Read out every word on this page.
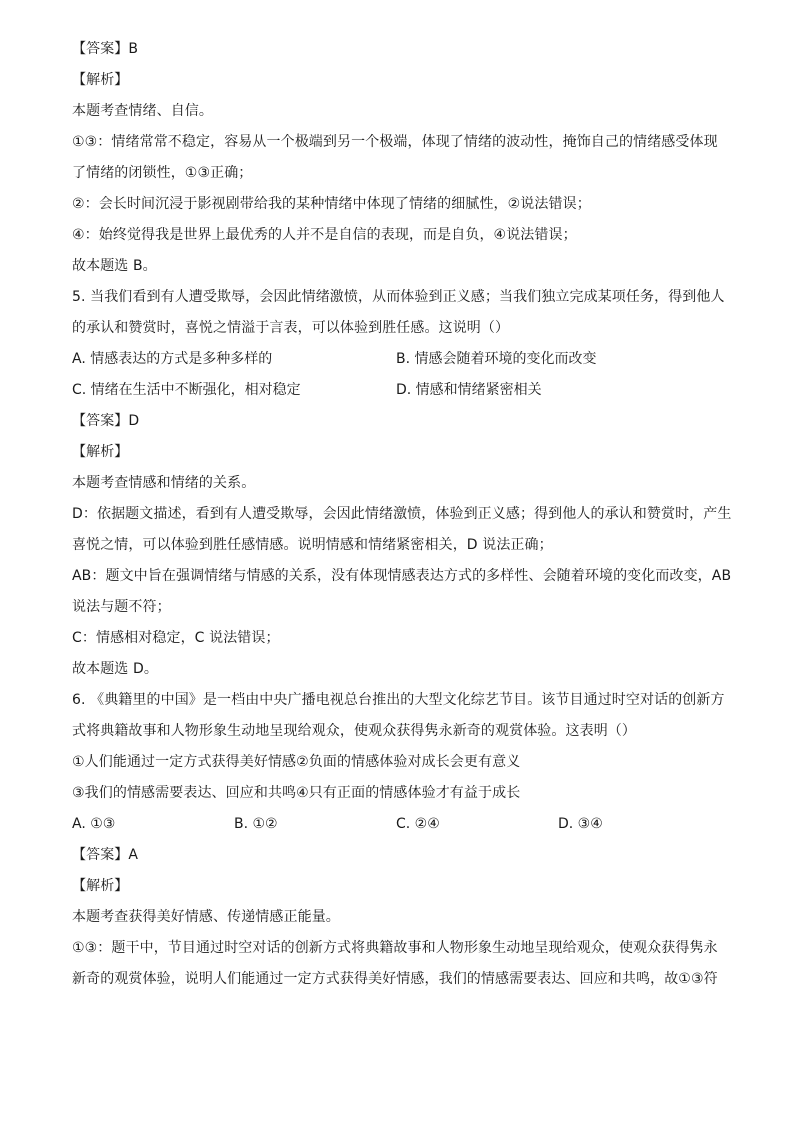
【答案】B
【解析】
本题考查情绪、自信。
①③：情绪常常不稳定，容易从一个极端到另一个极端，体现了情绪的波动性，掩饰自己的情绪感受体现
了情绪的闭锁性，①③正确；
②：会长时间沉浸于影视剧带给我的某种情绪中体现了情绪的细腻性，②说法错误；
④：始终觉得我是世界上最优秀的人并不是自信的表现，而是自负，④说法错误；
故本题选 B。
5. 当我们看到有人遭受欺辱，会因此情绪激愤，从而体验到正义感；当我们独立完成某项任务，得到他人
的承认和赞赏时，喜悦之情溢于言表，可以体验到胜任感。这说明（）
A. 情感表达的方式是多种多样的	B. 情感会随着环境的变化而改变
C. 情绪在生活中不断强化，相对稳定	D. 情感和情绪紧密相关
【答案】D
【解析】
本题考查情感和情绪的关系。
D：依据题文描述，看到有人遭受欺辱，会因此情绪激愤，体验到正义感；得到他人的承认和赞赏时，产生
喜悦之情，可以体验到胜任感情感。说明情感和情绪紧密相关，D 说法正确；
AB：题文中旨在强调情绪与情感的关系，没有体现情感表达方式的多样性、会随着环境的变化而改变，AB
说法与题不符；
C：情感相对稳定，C 说法错误；
故本题选 D。
6. 《典籍里的中国》是一档由中央广播电视总台推出的大型文化综艺节目。该节目通过时空对话的创新方
式将典籍故事和人物形象生动地呈现给观众，使观众获得隽永新奇的观赏体验。这表明（）
①人们能通过一定方式获得美好情感②负面的情感体验对成长会更有意义
③我们的情感需要表达、回应和共鸣④只有正面的情感体验才有益于成长
A. ①③	B. ①②	C. ②④	D. ③④
【答案】A
【解析】
本题考查获得美好情感、传递情感正能量。
①③：题干中，节目通过时空对话的创新方式将典籍故事和人物形象生动地呈现给观众，使观众获得隽永
新奇的观赏体验，说明人们能通过一定方式获得美好情感，我们的情感需要表达、回应和共鸣，故①③符
